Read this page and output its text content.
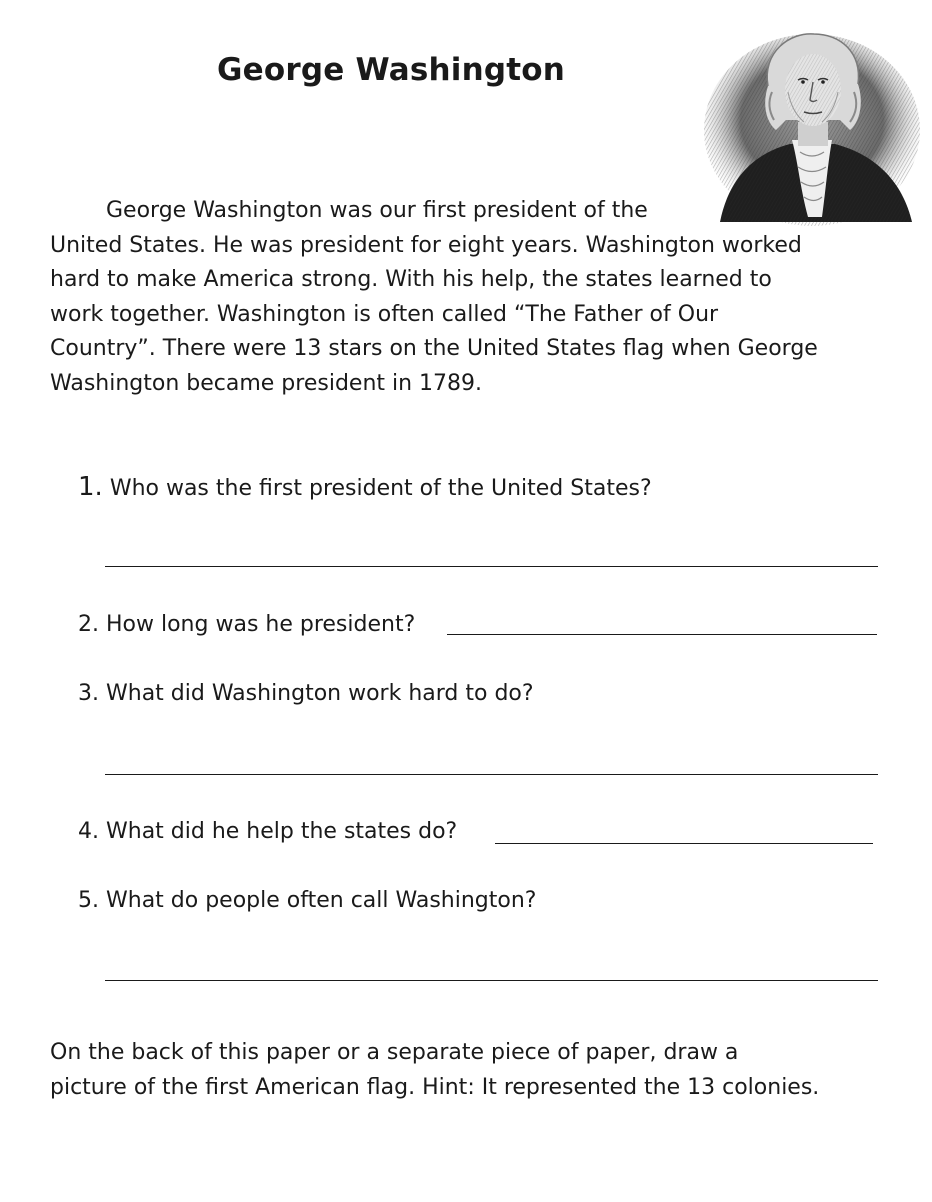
George Washington
George Washington was our first president of the
United States. He was president for eight years. Washington worked
hard to make America strong. With his help, the states learned to
work together. Washington is often called “The Father of Our
Country”. There were 13 stars on the United States flag when George
Washington became president in 1789.
1. Who was the first president of the United States?
2. How long was he president?
3. What did Washington work hard to do?
4. What did he help the states do?
5. What do people often call Washington?
On the back of this paper or a separate piece of paper, draw a
picture of the first American flag. Hint: It represented the 13 colonies.
